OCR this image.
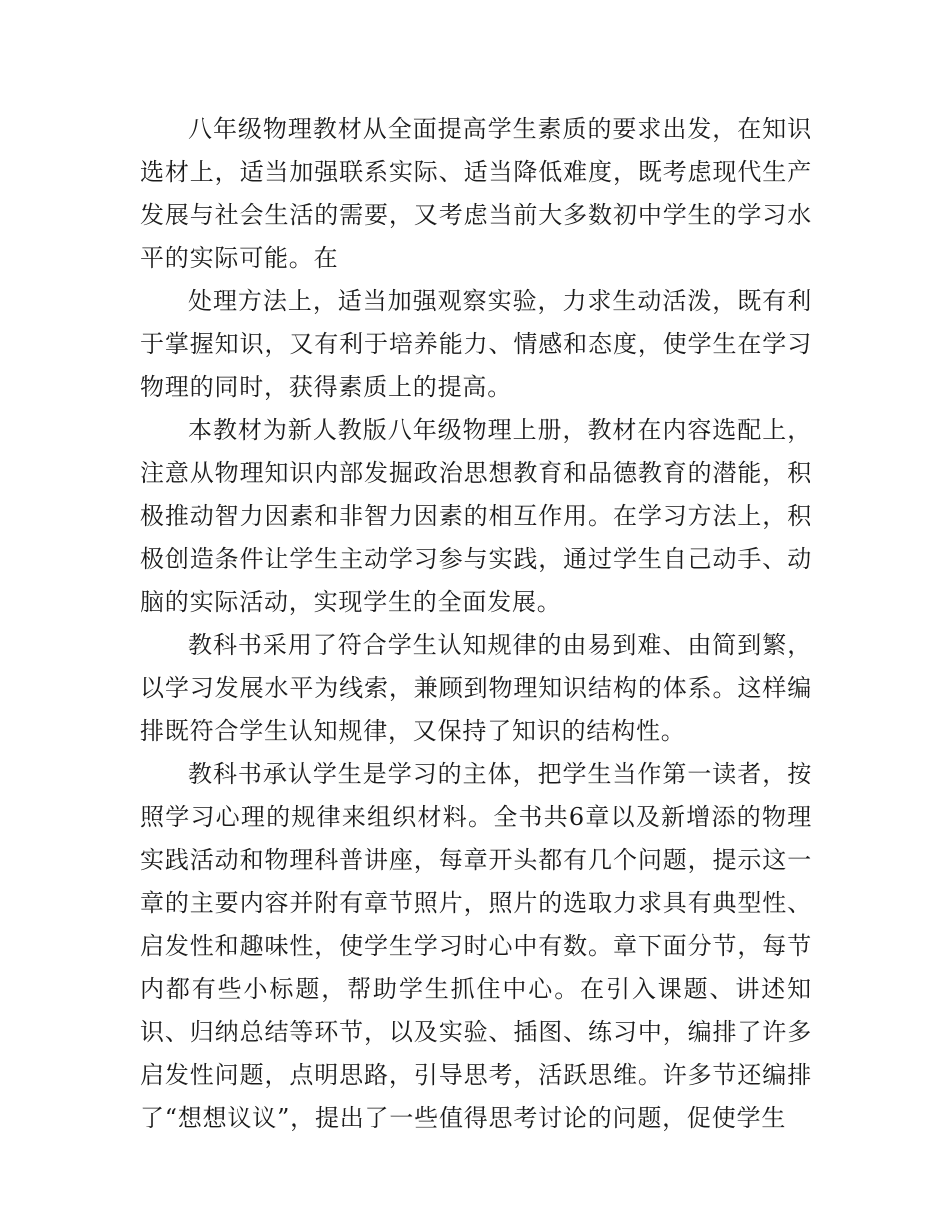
八年级物理教材从全面提高学生素质的要求出发，在知识选材上，适当加强联系实际、适当降低难度，既考虑现代生产发展与社会生活的需要，又考虑当前大多数初中学生的学习水平的实际可能。在

处理方法上，适当加强观察实验，力求生动活泼，既有利于掌握知识，又有利于培养能力、情感和态度，使学生在学习物理的同时，获得素质上的提高。

本教材为新人教版八年级物理上册，教材在内容选配上，注意从物理知识内部发掘政治思想教育和品德教育的潜能，积极推动智力因素和非智力因素的相互作用。在学习方法上，积极创造条件让学生主动学习参与实践，通过学生自己动手、动脑的实际活动，实现学生的全面发展。

教科书采用了符合学生认知规律的由易到难、由简到繁，以学习发展水平为线索，兼顾到物理知识结构的体系。这样编排既符合学生认知规律，又保持了知识的结构性。

教科书承认学生是学习的主体，把学生当作第一读者，按照学习心理的规律来组织材料。全书共6章以及新增添的物理实践活动和物理科普讲座，每章开头都有几个问题，提示这一章的主要内容并附有章节照片，照片的选取力求具有典型性、启发性和趣味性，使学生学习时心中有数。章下面分节，每节内都有些小标题，帮助学生抓住中心。在引入课题、讲述知识、归纳总结等环节，以及实验、插图、练习中，编排了许多启发性问题，点明思路，引导思考，活跃思维。许多节还编排了“想想议议”，提出了一些值得思考讨论的问题，促使学生
